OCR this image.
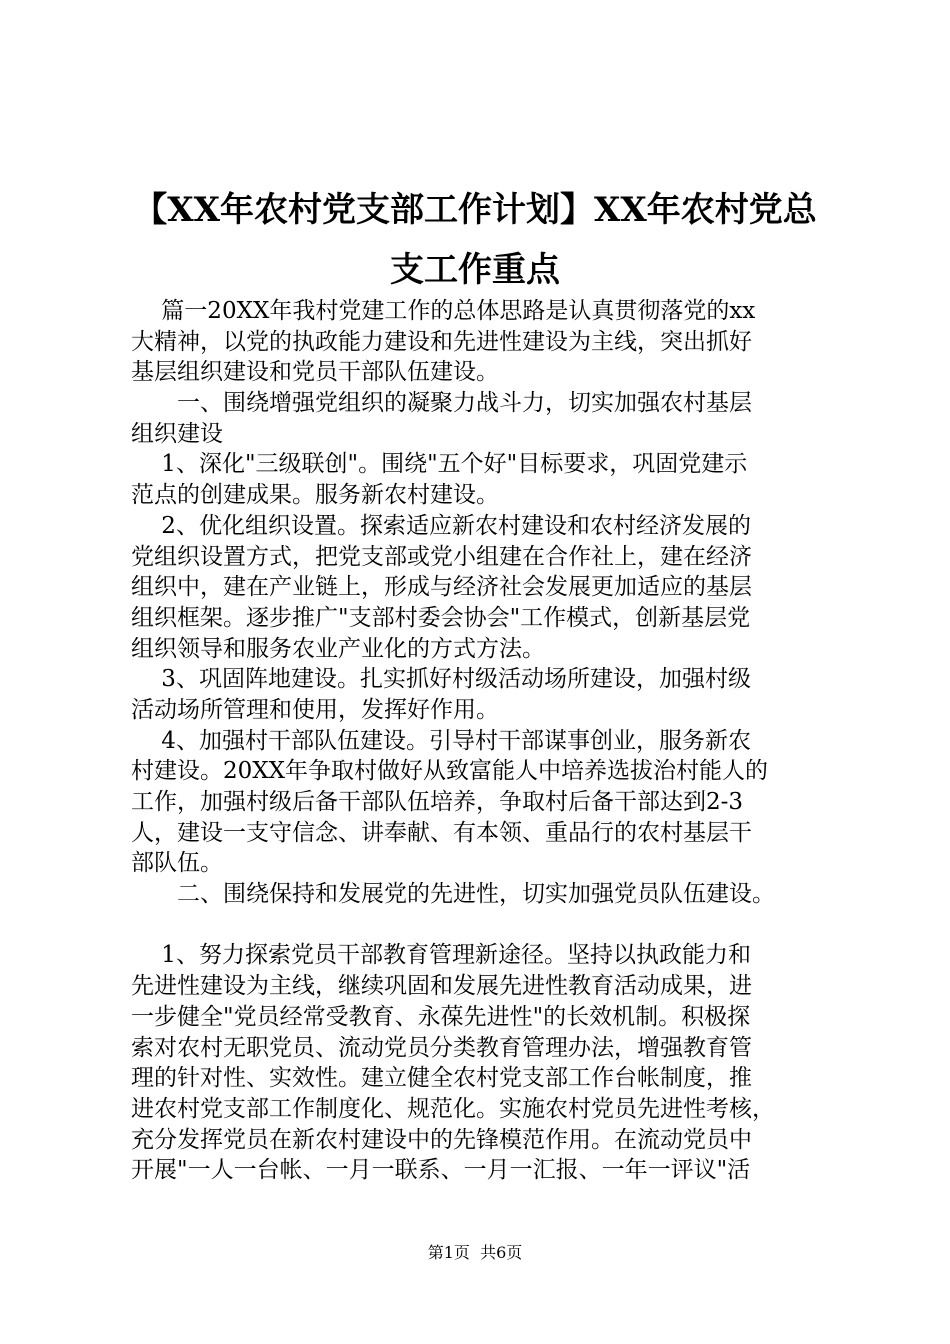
【XX年农村党支部工作计划】XX年农村党总
支工作重点
　 篇一20XX年我村党建工作的总体思路是认真贯彻落党的xx
大精神，以党的执政能力建设和先进性建设为主线，突出抓好
基层组织建设和党员干部队伍建设。
　　一、围绕增强党组织的凝聚力战斗力，切实加强农村基层
组织建设
　 1、深化"三级联创"。围绕"五个好"目标要求，巩固党建示
范点的创建成果。服务新农村建设。
　 2、优化组织设置。探索适应新农村建设和农村经济发展的
党组织设置方式，把党支部或党小组建在合作社上，建在经济
组织中，建在产业链上，形成与经济社会发展更加适应的基层
组织框架。逐步推广"支部村委会协会"工作模式，创新基层党
组织领导和服务农业产业化的方式方法。
　 3、巩固阵地建设。扎实抓好村级活动场所建设，加强村级
活动场所管理和使用，发挥好作用。
　 4、加强村干部队伍建设。引导村干部谋事创业，服务新农
村建设。20XX年争取村做好从致富能人中培养选拔治村能人的
工作，加强村级后备干部队伍培养，争取村后备干部达到2-3
人，建设一支守信念、讲奉献、有本领、重品行的农村基层干
部队伍。
　　二、围绕保持和发展党的先进性，切实加强党员队伍建设。
　 1、努力探索党员干部教育管理新途径。坚持以执政能力和
先进性建设为主线，继续巩固和发展先进性教育活动成果，进
一步健全"党员经常受教育、永葆先进性"的长效机制。积极探
索对农村无职党员、流动党员分类教育管理办法，增强教育管
理的针对性、实效性。建立健全农村党支部工作台帐制度，推
进农村党支部工作制度化、规范化。实施农村党员先进性考核，
充分发挥党员在新农村建设中的先锋模范作用。在流动党员中
开展"一人一台帐、一月一联系、一月一汇报、一年一评议"活
第1页  共6页
